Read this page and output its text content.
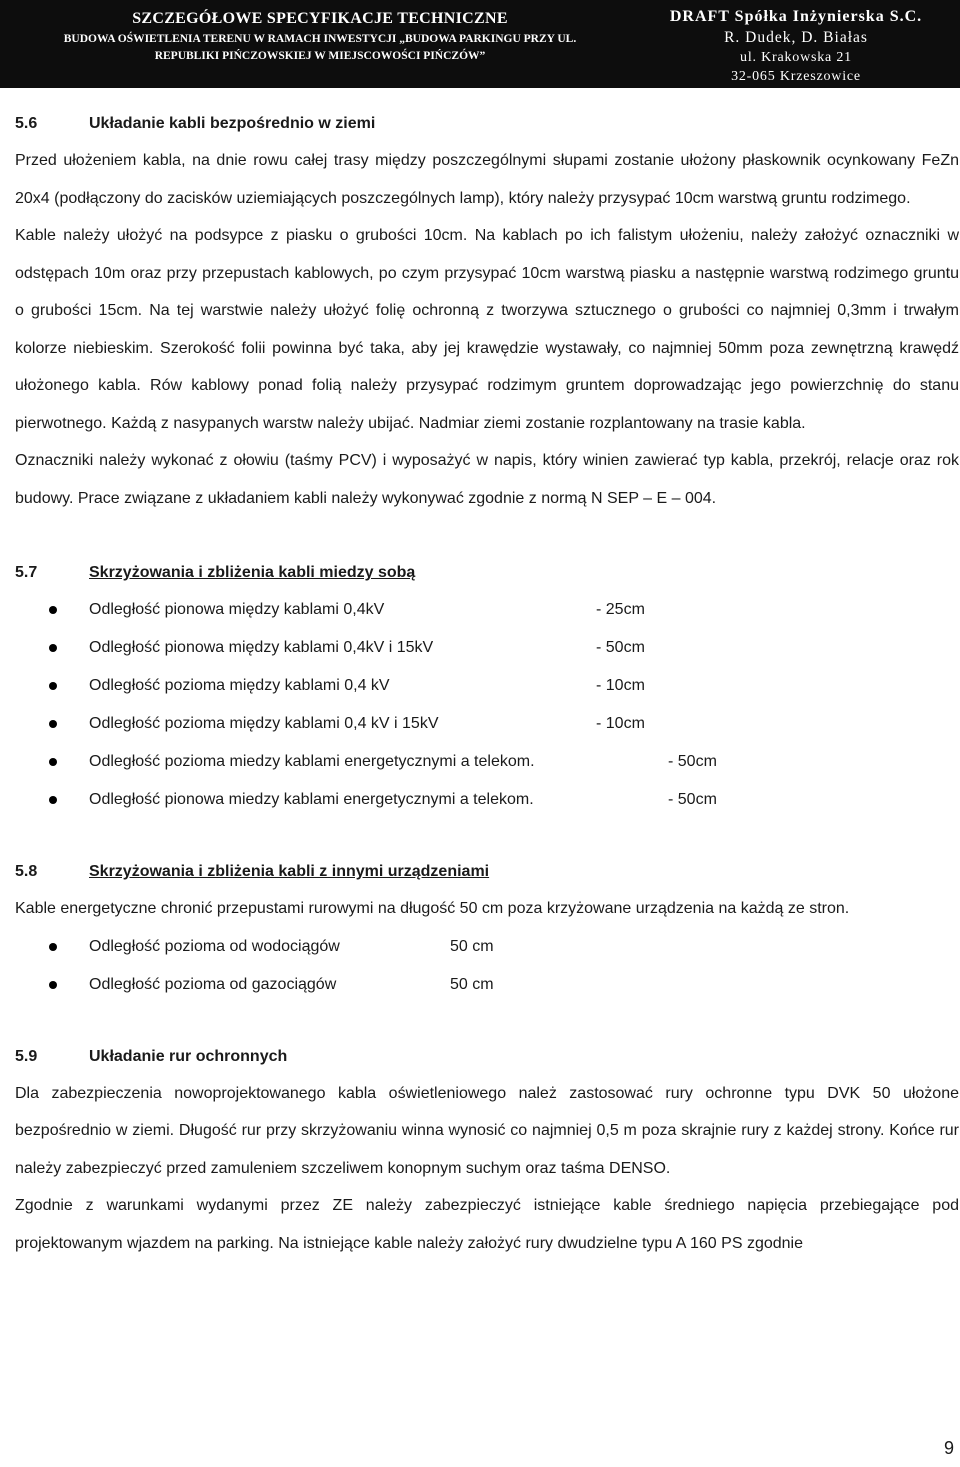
SZCZEGÓŁOWE SPECYFIKACJE TECHNICZNE
BUDOWA OŚWIETLENIA TERENU W RAMACH INWESTYCJI „BUDOWA PARKINGU PRZY UL.
REPUBLIKI PIŃCZOWSKIEJ W MIEJSCOWOŚCI PIŃCZÓW”
DRAFT Spółka Inżynierska S.C.
R. Dudek, D. Białas
ul. Krakowska 21
32-065 Krzeszowice
5.6	Układanie kabli bezpośrednio w ziemi

Przed ułożeniem kabla, na dnie rowu całej trasy między poszczególnymi słupami zostanie ułożony płaskownik ocynkowany FeZn 20x4 (podłączony do zacisków uziemiających poszczególnych lamp), który należy przysypać 10cm warstwą gruntu rodzimego.

Kable należy ułożyć na podsypce z piasku o grubości 10cm. Na kablach po ich falistym ułożeniu, należy założyć oznaczniki w odstępach 10m oraz przy przepustach kablowych, po czym przysypać 10cm warstwą piasku a następnie warstwą rodzimego gruntu o grubości 15cm. Na tej warstwie należy ułożyć folię ochronną z tworzywa sztucznego o grubości co najmniej 0,3mm i trwałym kolorze niebieskim. Szerokość folii powinna być taka, aby jej krawędzie wystawały, co najmniej 50mm poza zewnętrzną krawędź ułożonego kabla. Rów kablowy ponad folią należy przysypać rodzimym gruntem doprowadzając jego powierzchnię do stanu pierwotnego. Każdą z nasypanych warstw należy ubijać. Nadmiar ziemi zostanie rozplantowany na trasie kabla.

Oznaczniki należy wykonać z ołowiu (taśmy PCV) i wyposażyć w napis, który winien zawierać typ kabla, przekrój, relacje oraz rok budowy. Prace związane z układaniem kabli należy wykonywać zgodnie z normą N SEP – E – 004.

5.7	Skrzyżowania i zbliżenia kabli miedzy sobą
Odległość pionowa między kablami 0,4kV	- 25cm
Odległość pionowa między kablami 0,4kV i 15kV	- 50cm
Odległość pozioma między kablami 0,4 kV	- 10cm
Odległość pozioma między kablami 0,4 kV i 15kV	- 10cm
Odległość pozioma miedzy kablami energetycznymi a telekom.	- 50cm
Odległość pionowa miedzy kablami energetycznymi a telekom.	- 50cm
5.8	Skrzyżowania i zbliżenia kabli z innymi urządzeniami

Kable energetyczne chronić przepustami rurowymi na długość 50 cm poza krzyżowane urządzenia na każdą ze stron.

Odległość pozioma od wodociągów	50 cm
Odległość pozioma od gazociągów	50 cm
5.9	Układanie rur ochronnych

Dla zabezpieczenia nowoprojektowanego kabla oświetleniowego należ zastosować rury ochronne typu DVK 50 ułożone bezpośrednio w ziemi. Długość rur przy skrzyżowaniu winna wynosić co najmniej 0,5 m poza skrajnie rury z każdej strony. Końce rur należy zabezpieczyć przed zamuleniem szczeliwem konopnym suchym oraz taśma DENSO.

Zgodnie z warunkami wydanymi przez ZE należy zabezpieczyć istniejące kable średniego napięcia przebiegające pod projektowanym wjazdem na parking. Na istniejące kable należy założyć rury dwudzielne typu A 160 PS zgodnie

9
